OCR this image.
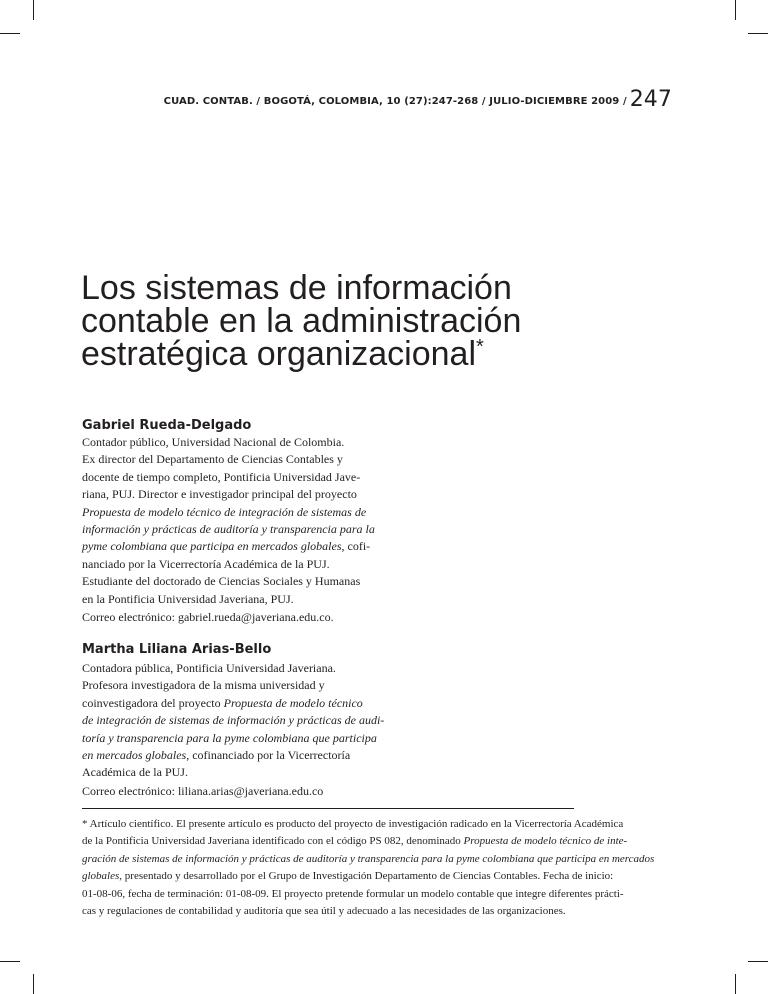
CUAD. CONTAB. / BOGOTÁ, COLOMBIA, 10 (27):247-268 / JULIO-DICIEMBRE 2009 / 247
Los sistemas de información
contable en la administración
estratégica organizacional*
Gabriel Rueda-Delgado
Contador público, Universidad Nacional de Colombia.
Ex director del Departamento de Ciencias Contables y
docente de tiempo completo, Pontificia Universidad Jave-
riana, PUJ. Director e investigador principal del proyecto
Propuesta de modelo técnico de integración de sistemas de
información y prácticas de auditoría y transparencia para la
pyme colombiana que participa en mercados globales, cofi-
nanciado por la Vicerrectoría Académica de la PUJ.
Estudiante del doctorado de Ciencias Sociales y Humanas
en la Pontificia Universidad Javeriana, PUJ.
Correo electrónico: gabriel.rueda@javeriana.edu.co.
Martha Liliana Arias-Bello
Contadora pública, Pontificia Universidad Javeriana.
Profesora investigadora de la misma universidad y
coinvestigadora del proyecto Propuesta de modelo técnico
de integración de sistemas de información y prácticas de audi-
toría y transparencia para la pyme colombiana que participa
en mercados globales, cofinanciado por la Vicerrectoría
Académica de la PUJ.
Correo electrónico: liliana.arias@javeriana.edu.co
* Artículo científico. El presente artículo es producto del proyecto de investigación radicado en la Vicerrectoría Académica
de la Pontificia Universidad Javeriana identificado con el código PS 082, denominado Propuesta de modelo técnico de inte-
gración de sistemas de información y prácticas de auditoría y transparencia para la pyme colombiana que participa en mercados
globales, presentado y desarrollado por el Grupo de Investigación Departamento de Ciencias Contables. Fecha de inicio:
01-08-06, fecha de terminación: 01-08-09. El proyecto pretende formular un modelo contable que integre diferentes prácti-
cas y regulaciones de contabilidad y auditoría que sea útil y adecuado a las necesidades de las organizaciones.
